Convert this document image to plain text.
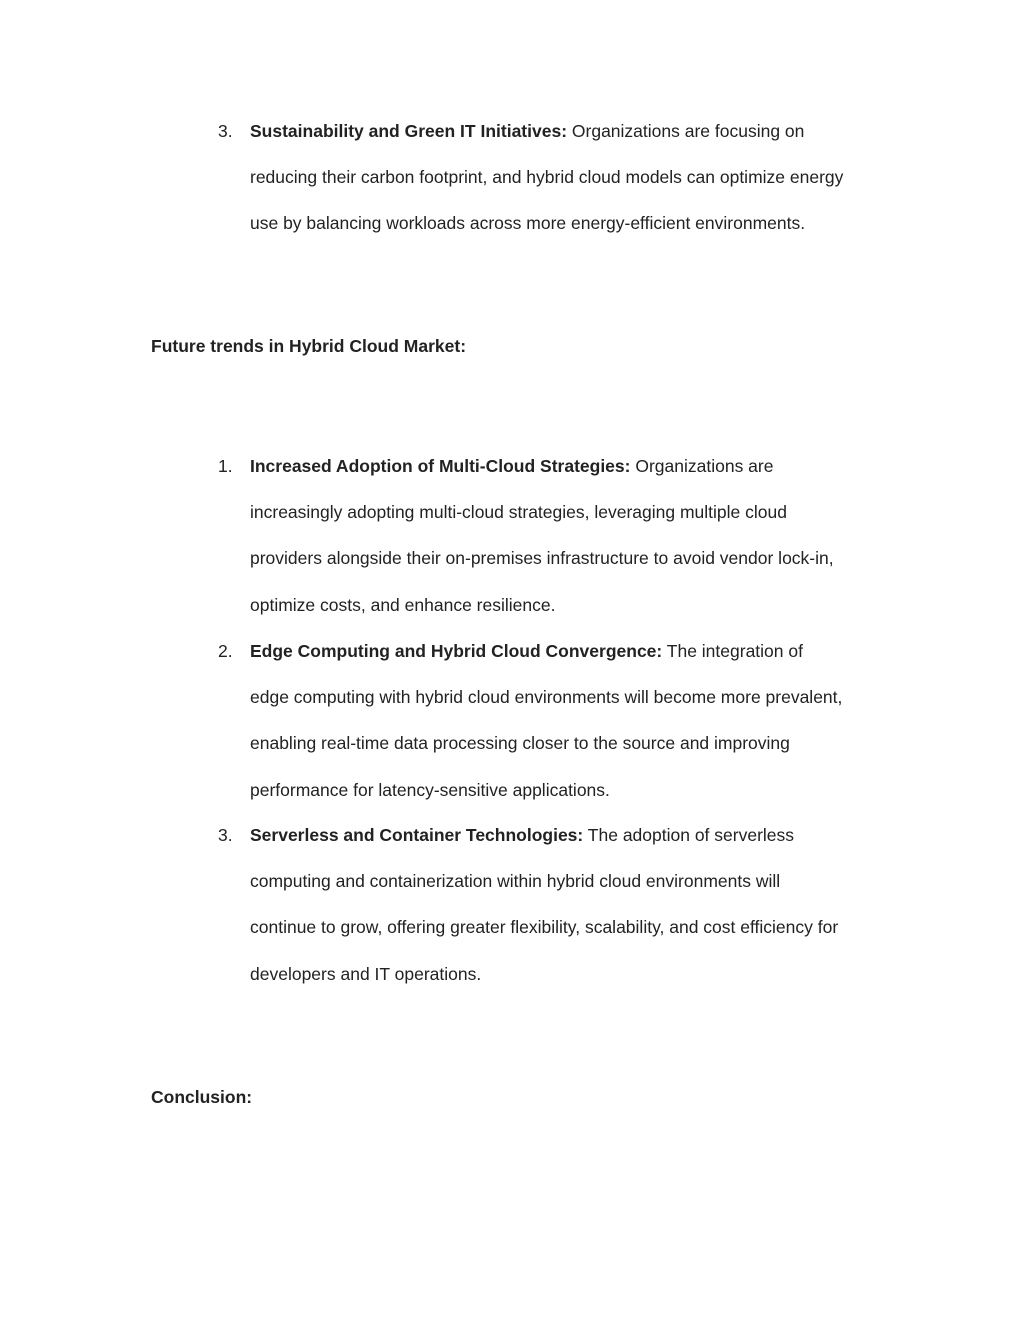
3. Sustainability and Green IT Initiatives: Organizations are focusing on
reducing their carbon footprint, and hybrid cloud models can optimize energy
use by balancing workloads across more energy-efficient environments.

Future trends in Hybrid Cloud Market:
1. Increased Adoption of Multi-Cloud Strategies: Organizations are
increasingly adopting multi-cloud strategies, leveraging multiple cloud
providers alongside their on-premises infrastructure to avoid vendor lock-in,
optimize costs, and enhance resilience.

2. Edge Computing and Hybrid Cloud Convergence: The integration of
edge computing with hybrid cloud environments will become more prevalent,
enabling real-time data processing closer to the source and improving
performance for latency-sensitive applications.

3. Serverless and Container Technologies: The adoption of serverless
computing and containerization within hybrid cloud environments will
continue to grow, offering greater flexibility, scalability, and cost efficiency for
developers and IT operations.

Conclusion:
